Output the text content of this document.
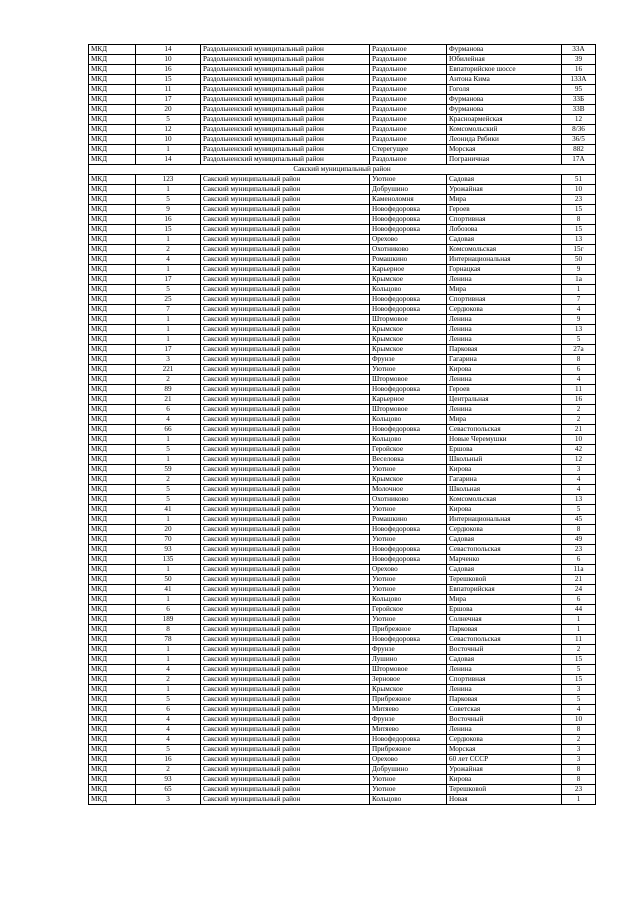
МКД	14	Раздольненский муниципальный район	Раздольное	Фурманова	33А
МКД	10	Раздольненский муниципальный район	Раздольное	Юбилейная	39
МКД	16	Раздольненский муниципальный район	Раздольное	Евпаторийское шоссе	16
МКД	15	Раздольненский муниципальный район	Раздольное	Антона Кима	133А
МКД	11	Раздольненский муниципальный район	Раздольное	Гоголя	95
МКД	17	Раздольненский муниципальный район	Раздольное	Фурманова	33Б
МКД	20	Раздольненский муниципальный район	Раздольное	Фурманова	33В
МКД	5	Раздольненский муниципальный район	Раздольное	Красноармейская	12
МКД	12	Раздольненский муниципальный район	Раздольное	Комсомольский	8/36
МКД	10	Раздольненский муниципальный район	Раздольное	Леонида Рябики	36/5
МКД	1	Раздольненский муниципальный район	Стерегущее	Морская	882
МКД	14	Раздольненский муниципальный район	Раздольное	Пограничная	17А
Сакский муниципальный район					
МКД	123	Сакский муниципальный район	Уютное	Садовая	51
МКД	1	Сакский муниципальный район	Добрушино	Урожайная	10
МКД	5	Сакский муниципальный район	Каменоломня	Мира	23
МКД	9	Сакский муниципальный район	Новофедоровка	Героев	15
МКД	16	Сакский муниципальный район	Новофедоровка	Спортивная	8
МКД	15	Сакский муниципальный район	Новофедоровка	Лобозова	15
МКД	1	Сакский муниципальный район	Орехово	Садовая	13
МКД	2	Сакский муниципальный район	Охотниково	Комсомольская	15г
МКД	4	Сакский муниципальный район	Ромашкино	Интернациональная	50
МКД	1	Сакский муниципальный район	Карьерное	Горнацкая	9
МКД	17	Сакский муниципальный район	Крымское	Ленина	1а
МКД	5	Сакский муниципальный район	Кольцово	Мира	1
МКД	25	Сакский муниципальный район	Новофедоровка	Спортивная	7
МКД	7	Сакский муниципальный район	Новофедоровка	Сердюкова	4
МКД	1	Сакский муниципальный район	Штормовое	Ленина	9
МКД	1	Сакский муниципальный район	Крымское	Ленина	13
МКД	1	Сакский муниципальный район	Крымское	Ленина	5
МКД	17	Сакский муниципальный район	Крымское	Парковая	27а
МКД	3	Сакский муниципальный район	Фрунзе	Гагарина	8
МКД	221	Сакский муниципальный район	Уютное	Кирова	6
МКД	2	Сакский муниципальный район	Штормовое	Ленина	4
МКД	89	Сакский муниципальный район	Новофедоровка	Героев	11
МКД	21	Сакский муниципальный район	Карьерное	Центральная	16
МКД	6	Сакский муниципальный район	Штормовое	Ленина	2
МКД	4	Сакский муниципальный район	Кольцово	Мира	2
МКД	66	Сакский муниципальный район	Новофедоровка	Севастопольская	21
МКД	1	Сакский муниципальный район	Кольцово	Новые Черемушки	10
МКД	5	Сакский муниципальный район	Геройское	Ершова	42
МКД	1	Сакский муниципальный район	Веселовка	Школьный	12
МКД	59	Сакский муниципальный район	Уютное	Кирова	3
МКД	2	Сакский муниципальный район	Крымское	Гагарина	4
МКД	5	Сакский муниципальный район	Молочное	Школьная	4
МКД	5	Сакский муниципальный район	Охотниково	Комсомольская	13
МКД	41	Сакский муниципальный район	Уютное	Кирова	5
МКД	1	Сакский муниципальный район	Ромашкино	Интернациональная	45
МКД	20	Сакский муниципальный район	Новофедоровка	Сердюкова	8
МКД	70	Сакский муниципальный район	Уютное	Садовая	49
МКД	93	Сакский муниципальный район	Новофедоровка	Севастопольская	23
МКД	135	Сакский муниципальный район	Новофедоровка	Марченко	6
МКД	1	Сакский муниципальный район	Орехово	Садовая	11а
МКД	50	Сакский муниципальный район	Уютное	Терешковой	21
МКД	41	Сакский муниципальный район	Уютное	Евпаторийская	24
МКД	1	Сакский муниципальный район	Кольцово	Мира	6
МКД	6	Сакский муниципальный район	Геройское	Ершова	44
МКД	189	Сакский муниципальный район	Уютное	Солнечная	1
МКД	8	Сакский муниципальный район	Прибрежное	Парковая	1
МКД	78	Сакский муниципальный район	Новофедоровка	Севастопольская	11
МКД	1	Сакский муниципальный район	Фрунзе	Восточный	2
МКД	1	Сакский муниципальный район	Лушино	Садовая	15
МКД	4	Сакский муниципальный район	Штормовое	Ленина	5
МКД	2	Сакский муниципальный район	Зерновое	Спортивная	15
МКД	1	Сакский муниципальный район	Крымское	Ленина	3
МКД	5	Сакский муниципальный район	Прибрежное	Парковая	5
МКД	6	Сакский муниципальный район	Митяево	Советская	4
МКД	4	Сакский муниципальный район	Фрунзе	Восточный	10
МКД	4	Сакский муниципальный район	Митяево	Ленина	8
МКД	4	Сакский муниципальный район	Новофедоровка	Сердюкова	2
МКД	5	Сакский муниципальный район	Прибрежное	Морская	3
МКД	16	Сакский муниципальный район	Орехово	60 лет СССР	3
МКД	2	Сакский муниципальный район	Добрушино	Урожайная	8
МКД	93	Сакский муниципальный район	Уютное	Кирова	8
МКД	65	Сакский муниципальный район	Уютное	Терешковой	23
МКД	3	Сакский муниципальный район	Кольцово	Новая	1
